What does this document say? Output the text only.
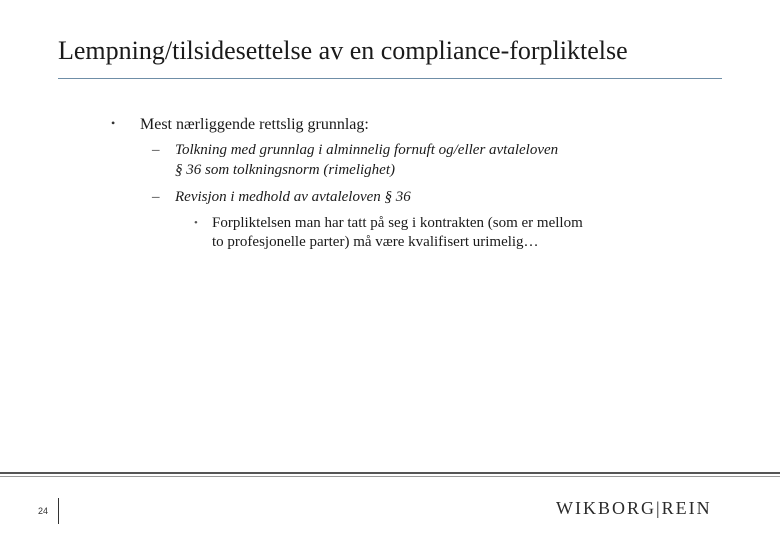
Lempning/tilsidesettelse av en compliance-forpliktelse
• Mest nærliggende rettslig grunnlag:
– Tolkning med grunnlag i alminnelig fornuft og/eller avtaleloven § 36 som tolkningsnorm (rimelighet)
– Revisjon i medhold av avtaleloven § 36
• Forpliktelsen man har tatt på seg i kontrakten (som er mellom to profesjonelle parter) må være kvalifisert urimelig…
24	WIKBORG|REIN
